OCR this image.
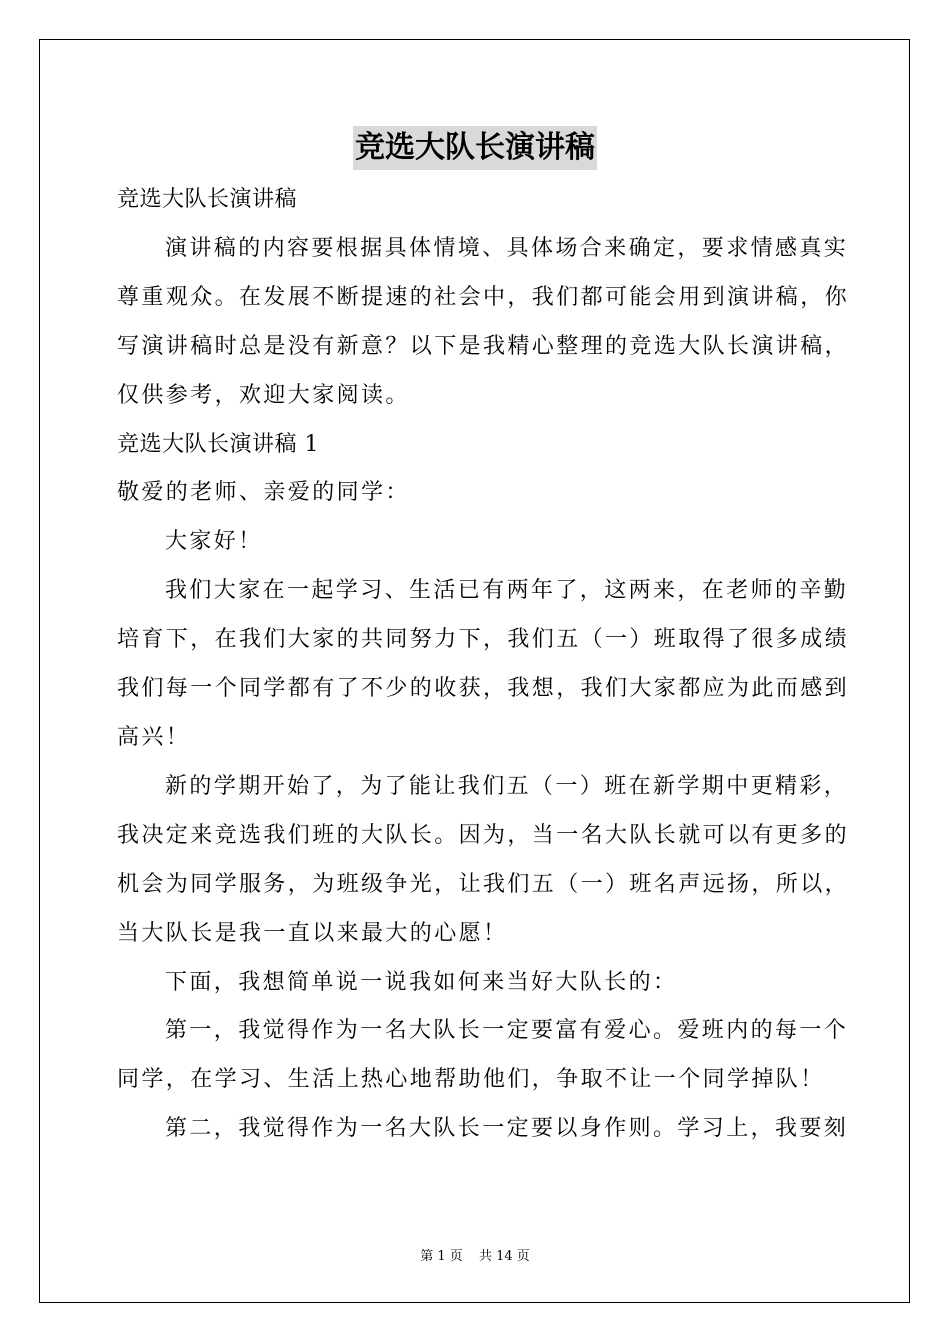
竞选大队长演讲稿

竞选大队长演讲稿

演讲稿的内容要根据具体情境、具体场合来确定，要求情感真实

尊重观众。在发展不断提速的社会中，我们都可能会用到演讲稿，你

写演讲稿时总是没有新意？以下是我精心整理的竞选大队长演讲稿，

仅供参考，欢迎大家阅读。

竞选大队长演讲稿 1

敬爱的老师、亲爱的同学：

大家好！

我们大家在一起学习、生活已有两年了，这两来，在老师的辛勤

培育下，在我们大家的共同努力下，我们五（一）班取得了很多成绩

我们每一个同学都有了不少的收获，我想，我们大家都应为此而感到

高兴！

新的学期开始了，为了能让我们五（一）班在新学期中更精彩，

我决定来竞选我们班的大队长。因为，当一名大队长就可以有更多的

机会为同学服务，为班级争光，让我们五（一）班名声远扬，所以，

当大队长是我一直以来最大的心愿！

下面，我想简单说一说我如何来当好大队长的：

第一，我觉得作为一名大队长一定要富有爱心。爱班内的每一个

同学，在学习、生活上热心地帮助他们，争取不让一个同学掉队！

第二，我觉得作为一名大队长一定要以身作则。学习上，我要刻

第 1 页 共 14 页
